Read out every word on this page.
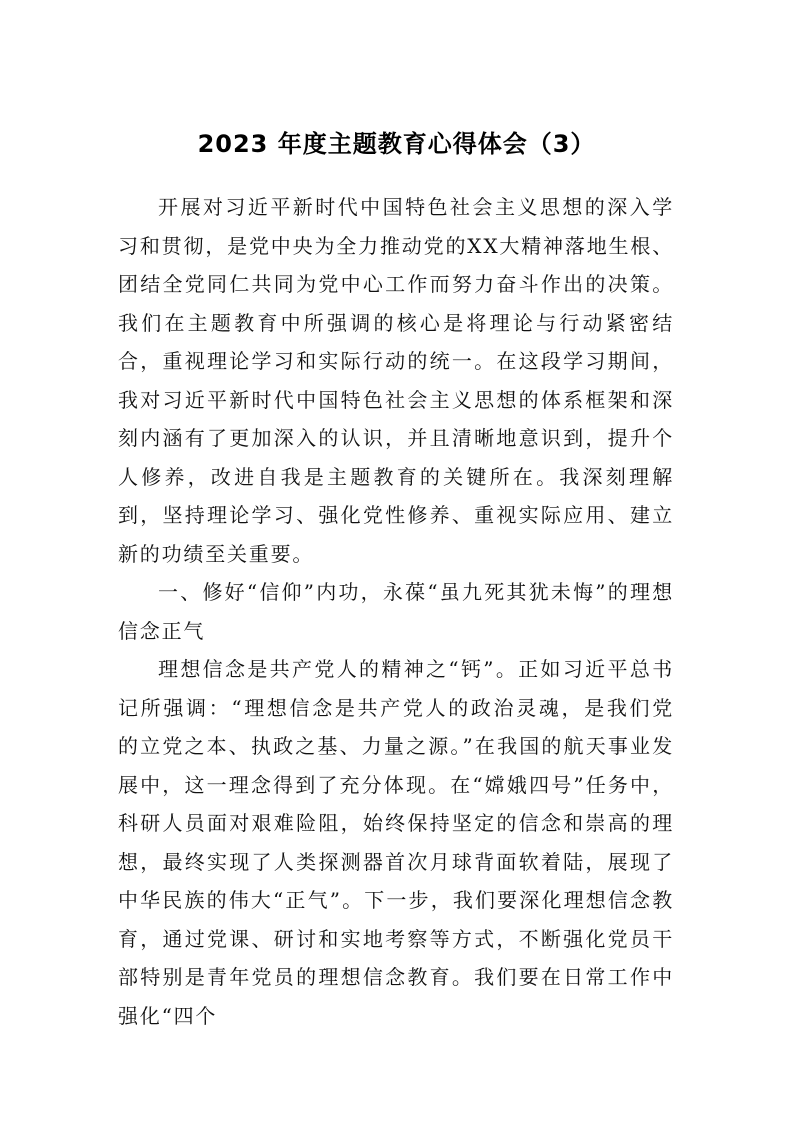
2023 年度主题教育心得体会（3）

开展对习近平新时代中国特色社会主义思想的深入学习和贯彻，是党中央为全力推动党的XX大精神落地生根、团结全党同仁共同为党中心工作而努力奋斗作出的决策。我们在主题教育中所强调的核心是将理论与行动紧密结合，重视理论学习和实际行动的统一。在这段学习期间，我对习近平新时代中国特色社会主义思想的体系框架和深刻内涵有了更加深入的认识，并且清晰地意识到，提升个人修养，改进自我是主题教育的关键所在。我深刻理解到，坚持理论学习、强化党性修养、重视实际应用、建立新的功绩至关重要。

一、修好“信仰”内功，永葆“虽九死其犹未悔”的理想信念正气

理想信念是共产党人的精神之“钙”。正如习近平总书记所强调：“理想信念是共产党人的政治灵魂，是我们党的立党之本、执政之基、力量之源。”在我国的航天事业发展中，这一理念得到了充分体现。在“嫦娥四号”任务中，科研人员面对艰难险阻，始终保持坚定的信念和崇高的理想，最终实现了人类探测器首次月球背面软着陆，展现了中华民族的伟大“正气”。下一步，我们要深化理想信念教育，通过党课、研讨和实地考察等方式，不断强化党员干部特别是青年党员的理想信念教育。我们要在日常工作中强化“四个
